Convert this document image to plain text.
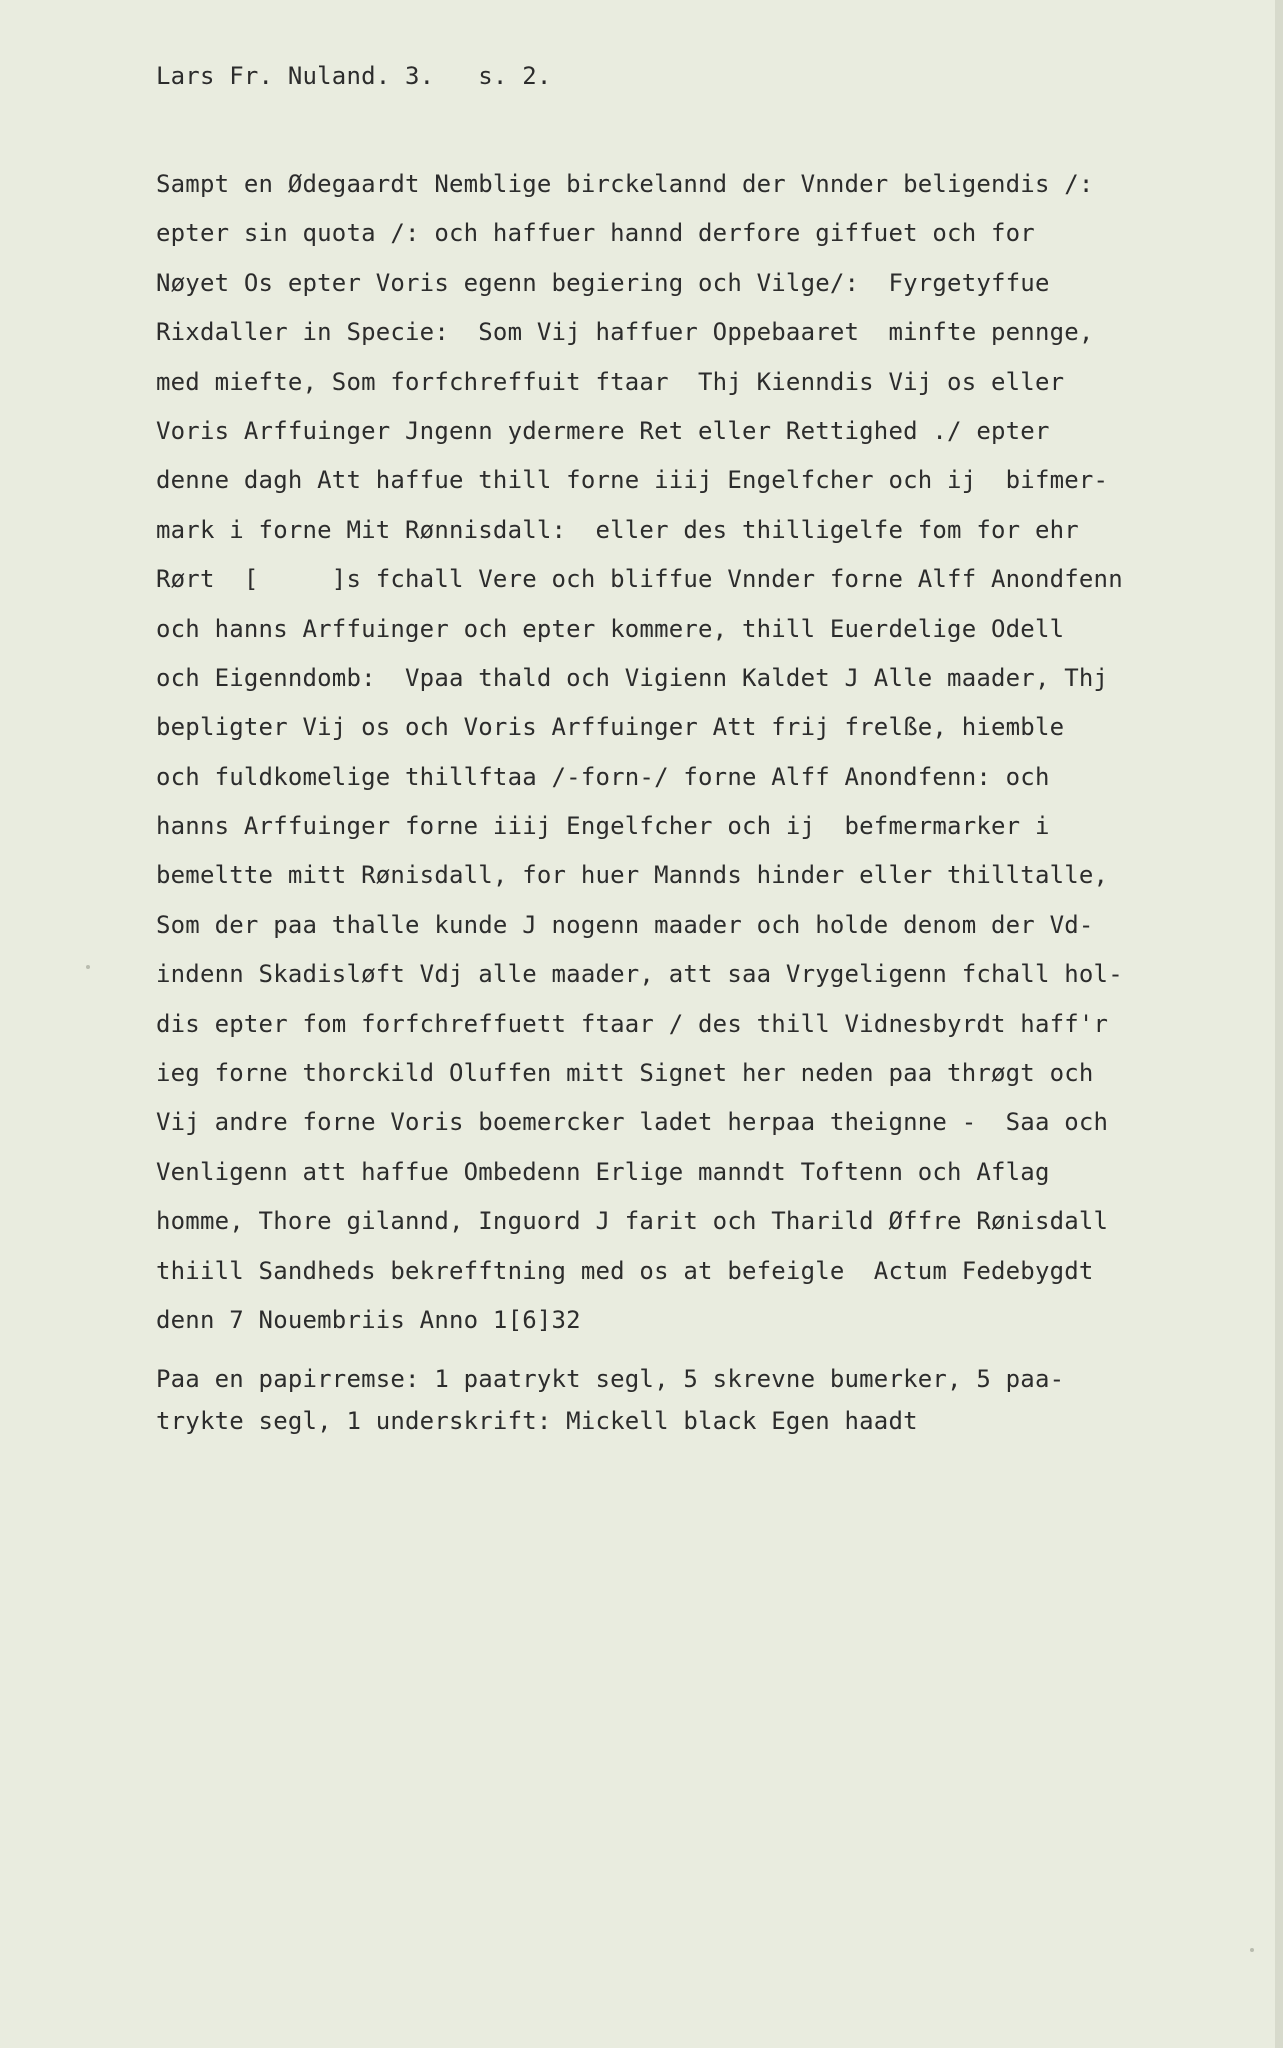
Lars Fr. Nuland. 3.   s. 2.
Sampt en Ødegaardt Nemblige birckelannd der Vnnder beligendis /:
epter sin quota /: och haffuer hannd derfore giffuet och for
Nøyet Os epter Voris egenn begiering och Vilge/:  Fyrgetyffue
Rixdaller in Specie:  Som Vij haffuer Oppebaaret  minfte pennge,
med miefte, Som forfchreffuit ftaar  Thj Kienndis Vij os eller
Voris Arffuinger Jngenn ydermere Ret eller Rettighed ./ epter
denne dagh Att haffue thill forne iiij Engelfcher och ij  bifmer-
mark i forne Mit Rønnisdall:  eller des thilligelfe fom for ehr
Rørt  [     ]s fchall Vere och bliffue Vnnder forne Alff Anondfenn
och hanns Arffuinger och epter kommere, thill Euerdelige Odell
och Eigenndomb:  Vpaa thald och Vigienn Kaldet J Alle maader, Thj
bepligter Vij os och Voris Arffuinger Att frij frelße, hiemble
och fuldkomelige thillftaa /-forn-/ forne Alff Anondfenn: och
hanns Arffuinger forne iiij Engelfcher och ij  befmermarker i
bemeltte mitt Rønisdall, for huer Mannds hinder eller thilltalle,
Som der paa thalle kunde J nogenn maader och holde denom der Vd-
indenn Skadisløft Vdj alle maader, att saa Vrygeligenn fchall hol-
dis epter fom forfchreffuett ftaar / des thill Vidnesbyrdt haff'r
ieg forne thorckild Oluffen mitt Signet her neden paa thrøgt och
Vij andre forne Voris boemercker ladet herpaa theignne -  Saa och
Venligenn att haffue Ombedenn Erlige manndt Toftenn och Aflag
homme, Thore gilannd, Inguord J farit och Tharild Øffre Rønisdall
thiill Sandheds bekrefftning med os at befeigle  Actum Fedebygdt
denn 7 Nouembriis Anno 1[6]32
Paa en papirremse: 1 paatrykt segl, 5 skrevne bumerker, 5 paa-
trykte segl, 1 underskrift: Mickell black Egen haadt
